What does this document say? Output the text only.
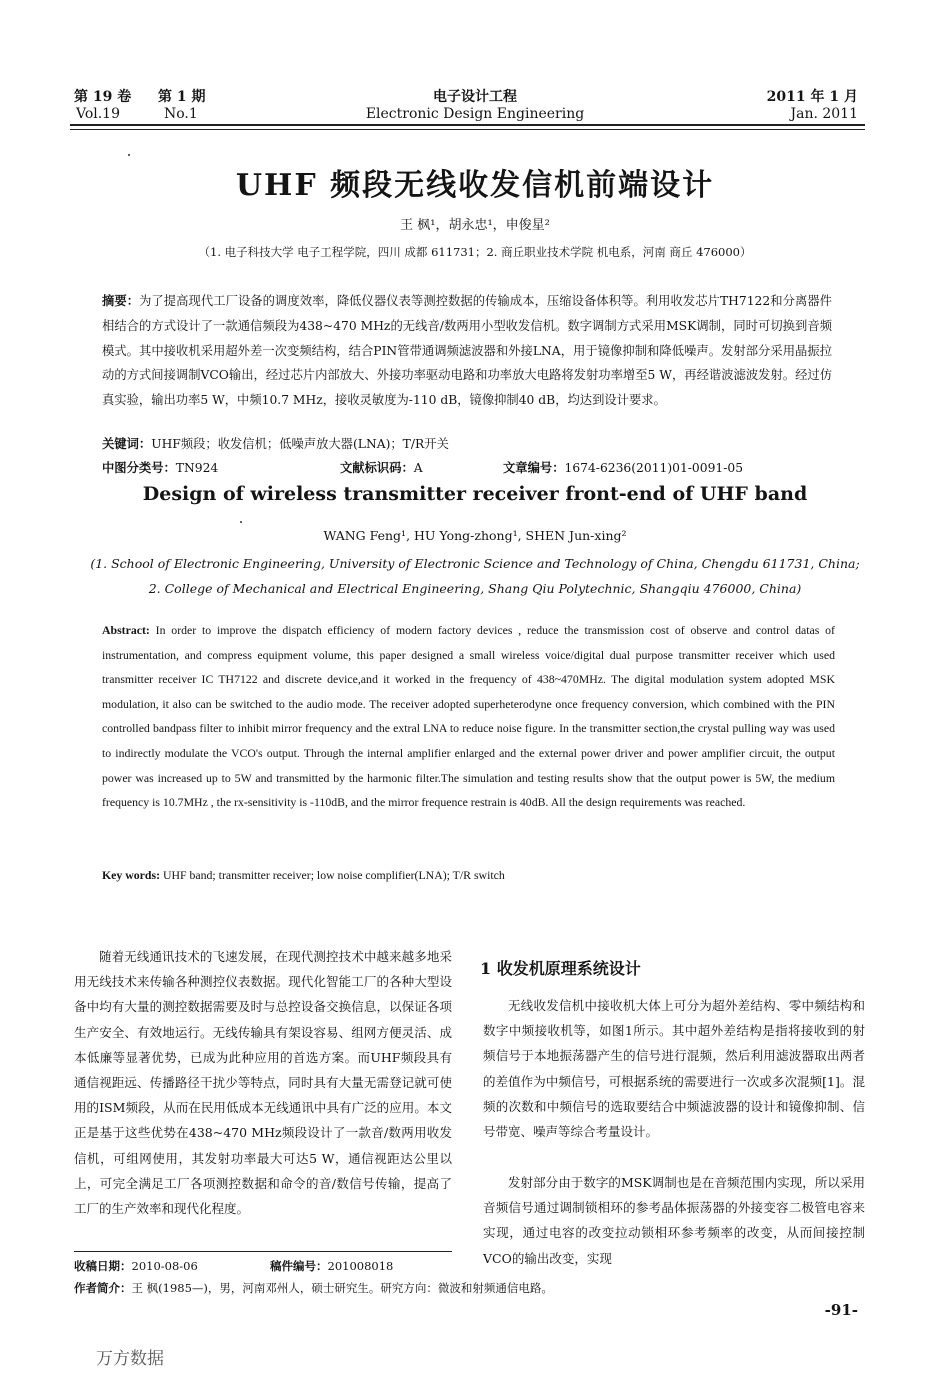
第 19 卷 第 1 期	电子设计工程	2011 年 1 月
Vol.19	No.1	Electronic Design Engineering	Jan. 2011
UHF 频段无线收发信机前端设计
王 枫¹，胡永忠¹，申俊星²
（1. 电子科技大学 电子工程学院，四川 成都 611731；2. 商丘职业技术学院 机电系，河南 商丘 476000）
摘要：为了提高现代工厂设备的调度效率，降低仪器仪表等测控数据的传输成本，压缩设备体积等。利用收发芯片TH7122和分离器件相结合的方式设计了一款通信频段为438~470 MHz的无线音/数两用小型收发信机。数字调制方式采用MSK调制，同时可切换到音频模式。其中接收机采用超外差一次变频结构，结合PIN管带通调频滤波器和外接LNA，用于镜像抑制和降低噪声。发射部分采用晶振拉动的方式间接调制VCO输出，经过芯片内部放大、外接功率驱动电路和功率放大电路将发射功率增至5 W，再经谐波滤波发射。经过仿真实验，输出功率5 W，中频10.7 MHz，接收灵敏度为-110 dB，镜像抑制40 dB，均达到设计要求。
关键词：UHF频段；收发信机；低噪声放大器(LNA)；T/R开关
中图分类号：TN924	文献标识码：A	文章编号：1674-6236(2011)01-0091-05
Design of wireless transmitter receiver front-end of UHF band
WANG Feng¹, HU Yong-zhong¹, SHEN Jun-xing²
(1. School of Electronic Engineering, University of Electronic Science and Technology of China, Chengdu 611731, China;
2. College of Mechanical and Electrical Engineering, Shang Qiu Polytechnic, Shangqiu 476000, China)
Abstract: In order to improve the dispatch efficiency of modern factory devices , reduce the transmission cost of observe and control datas of instrumentation, and compress equipment volume, this paper designed a small wireless voice/digital dual purpose transmitter receiver which used transmitter receiver IC TH7122 and discrete device,and it worked in the frequency of 438~470MHz. The digital modulation system adopted MSK modulation, it also can be switched to the audio mode. The receiver adopted superheterodyne once frequency conversion, which combined with the PIN controlled bandpass filter to inhibit mirror frequency and the extral LNA to reduce noise figure. In the transmitter section,the crystal pulling way was used to indirectly modulate the VCO's output. Through the internal amplifier enlarged and the external power driver and power amplifier circuit, the output power was increased up to 5W and transmitted by the harmonic filter.The simulation and testing results show that the output power is 5W, the medium frequency is 10.7MHz , the rx-sensitivity is -110dB, and the mirror frequence restrain is 40dB. All the design requirements was reached.
Key words: UHF band; transmitter receiver; low noise complifier(LNA); T/R switch
随着无线通讯技术的飞速发展，在现代测控技术中越来越多地采用无线技术来传输各种测控仪表数据。现代化智能工厂的各种大型设备中均有大量的测控数据需要及时与总控设备交换信息，以保证各项生产安全、有效地运行。无线传输具有架设容易、组网方便灵活、成本低廉等显著优势，已成为此种应用的首选方案。而UHF频段具有通信视距远、传播路径干扰少等特点，同时具有大量无需登记就可使用的ISM频段，从而在民用低成本无线通讯中具有广泛的应用。本文正是基于这些优势在438~470 MHz频段设计了一款音/数两用收发信机，可组网使用，其发射功率最大可达5 W，通信视距达公里以上，可完全满足工厂各项测控数据和命令的音/数信号传输，提高了工厂的生产效率和现代化程度。
1 收发机原理系统设计
无线收发信机中接收机大体上可分为超外差结构、零中频结构和数字中频接收机等，如图1所示。其中超外差结构是指将接收到的射频信号于本地振荡器产生的信号进行混频，然后利用滤波器取出两者的差值作为中频信号，可根据系统的需要进行一次或多次混频[1]。混频的次数和中频信号的选取要结合中频滤波器的设计和镜像抑制、信号带宽、噪声等综合考量设计。
发射部分由于数字的MSK调制也是在音频范围内实现，所以采用音频信号通过调制锁相环的参考晶体振荡器的外接变容二极管电容来实现，通过电容的改变拉动锁相环参考频率的改变，从而间接控制VCO的输出改变，实现
收稿日期：2010-08-06	稿件编号：201008018
作者简介：王 枫(1985—)，男，河南邓州人，硕士研究生。研究方向：微波和射频通信电路。
-91-
万方数据
